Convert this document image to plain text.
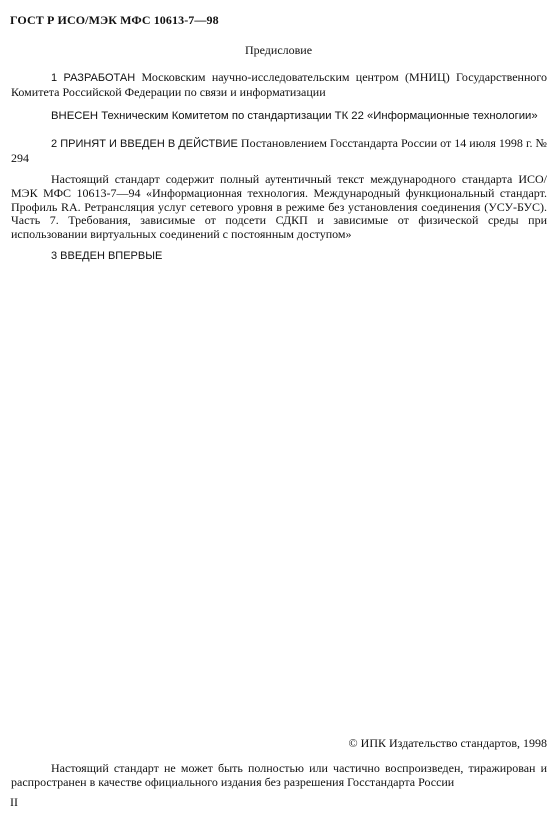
ГОСТ Р ИСО/МЭК МФС 10613-7—98
Предисловие
1 РАЗРАБОТАН Московским научно-исследовательским центром (МНИЦ) Государственного Комитета Российской Федерации по связи и информатизации
ВНЕСЕН Техническим Комитетом по стандартизации ТК 22 «Информационные технологии»
2 ПРИНЯТ И ВВЕДЕН В ДЕЙСТВИЕ Постановлением Госстандарта России от 14 июля 1998 г. № 294
Настоящий стандарт содержит полный аутентичный текст международного стандарта ИСО/МЭК МФС 10613-7—94 «Информационная технология. Международный функциональный стандарт. Профиль RA. Ретрансляция услуг сетевого уровня в режиме без установления соединения (УСУ-БУС). Часть 7. Требования, зависимые от подсети СДКП и зависимые от физической среды при использовании виртуальных соединений с постоянным доступом»
3 ВВЕДЕН ВПЕРВЫЕ
© ИПК Издательство стандартов, 1998
Настоящий стандарт не может быть полностью или частично воспроизведен, тиражирован и распространен в качестве официального издания без разрешения Госстандарта России
II
